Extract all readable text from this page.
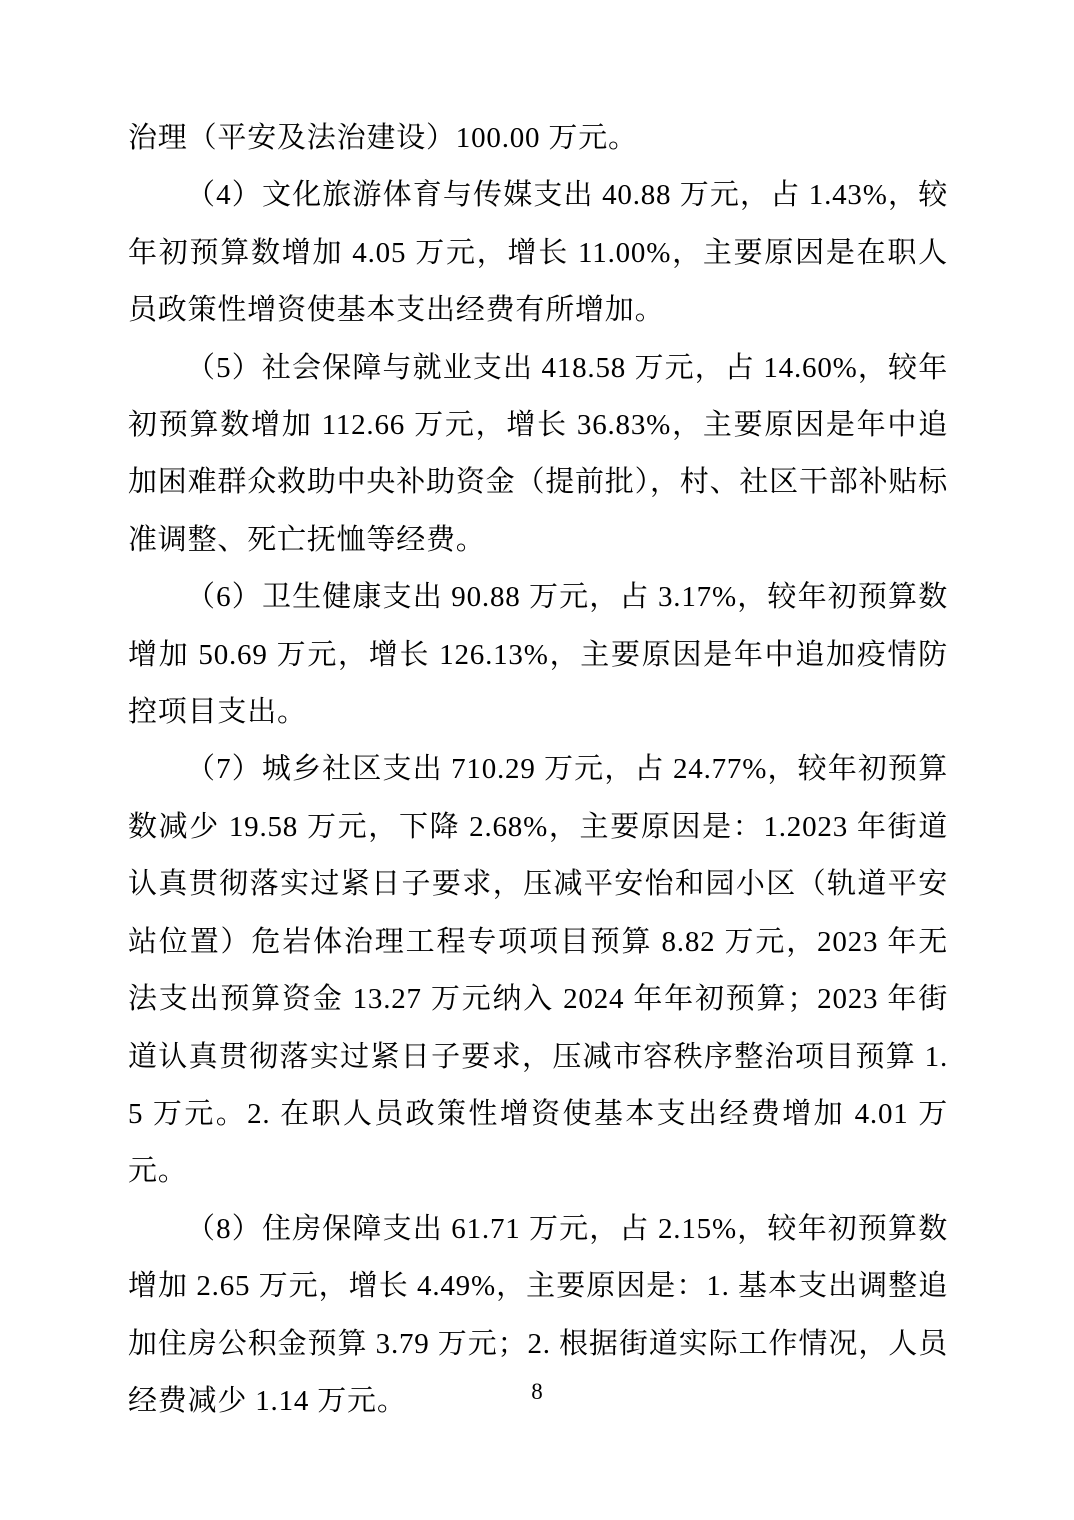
治理（平安及法治建设）100.00 万元。

（4）文化旅游体育与传媒支出 40.88 万元，占 1.43%，较年初预算数增加 4.05 万元，增长 11.00%，主要原因是在职人员政策性增资使基本支出经费有所增加。

（5）社会保障与就业支出 418.58 万元，占 14.60%，较年初预算数增加 112.66 万元，增长 36.83%，主要原因是年中追加困难群众救助中央补助资金（提前批），村、社区干部补贴标准调整、死亡抚恤等经费。

（6）卫生健康支出 90.88 万元，占 3.17%，较年初预算数增加 50.69 万元，增长 126.13%，主要原因是年中追加疫情防控项目支出。

（7）城乡社区支出 710.29 万元，占 24.77%，较年初预算数减少 19.58 万元，下降 2.68%，主要原因是：1.2023 年街道认真贯彻落实过紧日子要求，压减平安怡和园小区（轨道平安站位置）危岩体治理工程专项项目预算 8.82 万元，2023 年无法支出预算资金 13.27 万元纳入 2024 年年初预算；2023 年街道认真贯彻落实过紧日子要求，压减市容秩序整治项目预算 1.5 万元。2. 在职人员政策性增资使基本支出经费增加 4.01 万元。

（8）住房保障支出 61.71 万元，占 2.15%，较年初预算数增加 2.65 万元，增长 4.49%，主要原因是：1. 基本支出调整追加住房公积金预算 3.79 万元；2. 根据街道实际工作情况，人员经费减少 1.14 万元。	8
